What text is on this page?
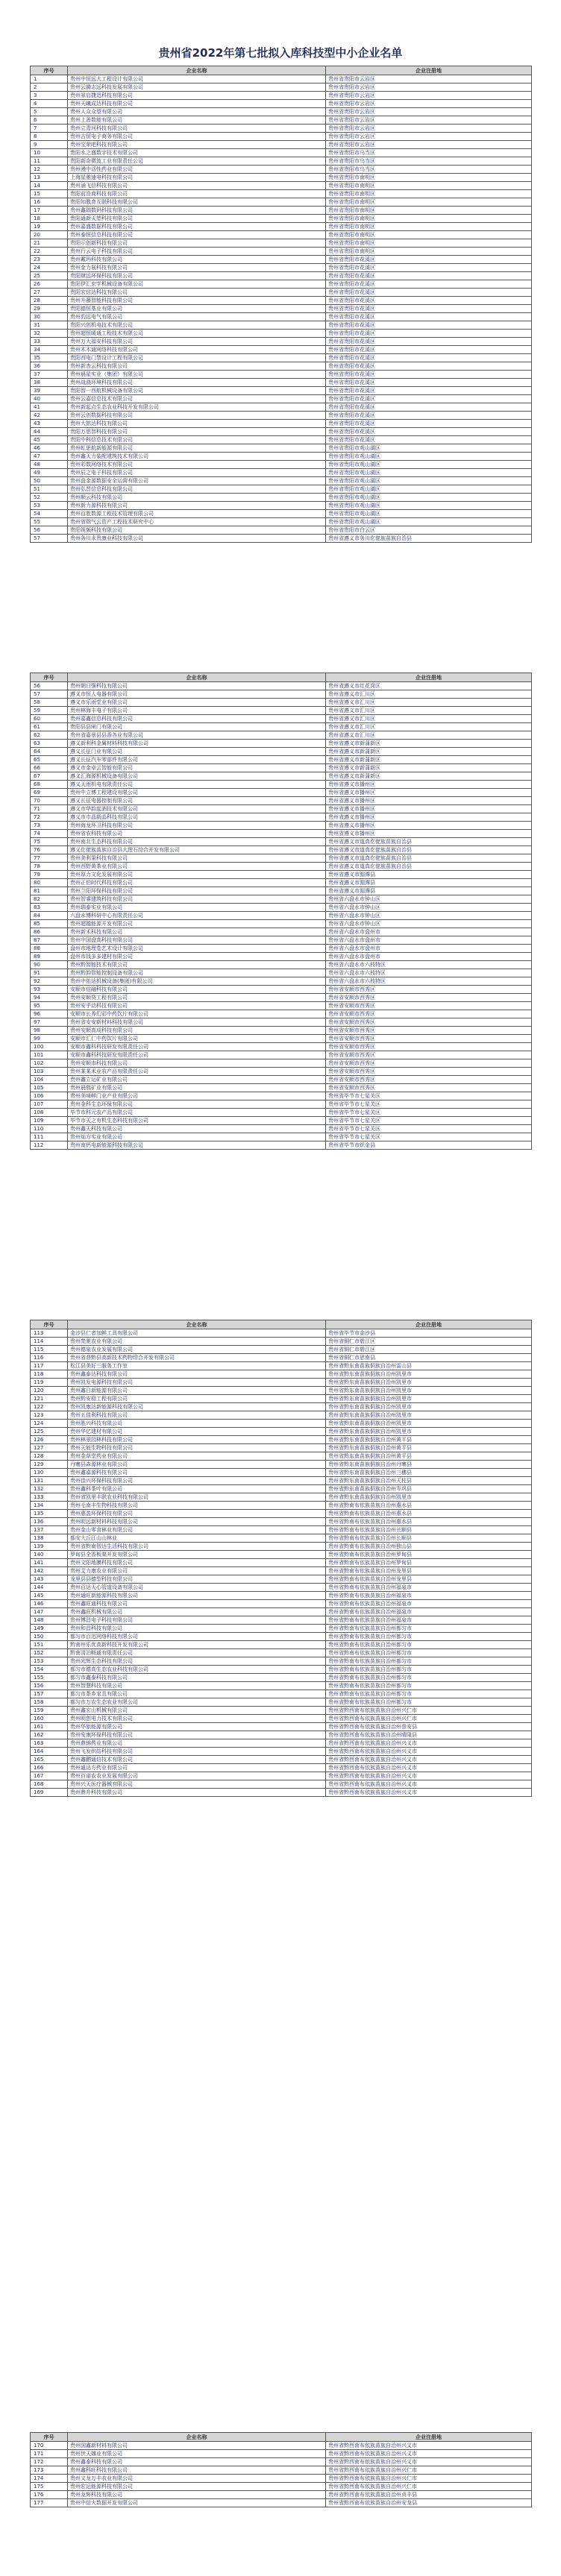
贵州省2022年第七批拟入库科技型中小企业名单
序号	企业名称	企业注册地
1	贵州中恒远大工程设计有限公司	贵州省贵阳市云岩区
2	贵州云腾志远科技发展有限公司	贵州省贵阳市云岩区
3	贵州景启捷迅科技有限公司	贵州省贵阳市云岩区
4	贵州天曦成达科技有限公司	贵州省贵阳市云岩区
5	贵州人众众望有限公司	贵州省贵阳市云岩区
6	贵州上善数能有限公司	贵州省贵阳市云岩区
7	贵州立青河科技有限公司	贵州省贵阳市云岩区
8	贵州吉恒电子商务有限公司	贵州省贵阳市云岩区
9	贵州宝荣吧科技有限公司	贵州省贵阳市云岩区
10	贵阳水之盛数字技术有限公司	贵州省贵阳市乌当区
11	贵阳新奇微波工业有限责任公司	贵州省贵阳市乌当区
12	贵州漫中活性药业有限公司	贵州省贵阳市乌当区
13	上海星驰速电科技有限公司	贵州省贵阳市南明区
14	贵州涌飞信科技有限公司	贵州省贵阳市南明区
15	贵阳前浩商科技有限公司	贵州省贵阳市南明区
16	贵阳知教育互联科技有限公司	贵州省贵阳市南明区
17	贵州鑫瑞数码科技有限公司	贵州省贵阳市南明区
18	贵阳通新天塑科技有限公司	贵州省贵阳市南明区
19	贵州嘉盛数据科技有限公司	贵州省贵阳市南明区
20	贵州泰恒信息科技有限公司	贵州省贵阳市南明区
21	贵阳示创新科技有限公司	贵州省贵阳市南明区
22	贵州行云电子科技有限公司	贵州省贵阳市南明区
23	贵州戴玛科技有限公司	贵州省贵阳市花溪区
24	贵州金力展科技有限公司	贵州省贵阳市花溪区
25	贵阳肆远环保科技有限公司	贵州省贵阳市花溪区
26	贵阳伊汇宏学机械设备有限公司	贵州省贵阳市花溪区
27	贵阳宏信达科技有限公司	贵州省贵阳市花溪区
28	贵州升藤智能科技有限公司	贵州省贵阳市花溪区
29	贵阳德恒基业有限公司	贵州省贵阳市花溪区
30	贵州豹远电气有限公司	贵州省贵阳市花溪区
31	贵阳兴创机电技术有限公司	贵州省贵阳市花溪区
32	贵州超恒暖通工程技术有限公司	贵州省贵阳市花溪区
33	贵州万大福安科技有限公司	贵州省贵阳市花溪区
34	贵州木木通网络科技有限公司	贵州省贵阳市花溪区
35	贵阳西电门禁设计工程有限公司	贵州省贵阳市花溪区
36	贵州新杏云科技有限公司	贵州省贵阳市花溪区
37	贵州晨星实业（集团）有限公司	贵州省贵阳市花溪区
38	贵州战骁环境科技有限公司	贵州省贵阳市花溪区
39	贵阳智一西航机械设备有限公司	贵州省贵阳市花溪区
40	贵州云嘉信息技术有限公司	贵州省贵阳市花溪区
41	贵州新起点生态农业科技开发有限公司	贵州省贵阳市花溪区
42	贵州云创数据科技有限公司	贵州省贵阳市花溪区
43	贵州大铭达科技有限公司	贵州省贵阳市花溪区
44	贵阳万思智科技有限公司	贵州省贵阳市花溪区
45	贵阳中科信息技术有限公司	贵州省贵阳市花溪区
46	贵州虹思航新能源有限公司	贵州省贵阳市观山湖区
47	贵州鑫天力装配建筑技术有限公司	贵州省贵阳市观山湖区
48	贵州彩数网络技术有限公司	贵州省贵阳市观山湖区
49	贵州辰之电子科技有限公司	贵州省贵阳市观山湖区
50	贵州盘金源数据安全运营有限公司	贵州省贵阳市观山湖区
51	贵州弘晋信息科技有限公司	贵州省贵阳市观山湖区
52	贵州顺云科技有限公司	贵州省贵阳市观山湖区
53	贵州新力源科技有限公司	贵州省贵阳市观山湖区
54	贵州百胜数源工程技术管理有限公司	贵州省贵阳市观山湖区
55	贵州省瑞气云资产工程技术研究中心	贵州省贵阳市观山湖区
56	贵阳视频科技有限公司	贵州省贵阳市白云区
57	贵州务川永贵康业科技有限公司	贵州省遵义市务川仡佬族苗族自治县
序号	企业名称	企业注册地
56	贵州朝日强科技有限公司	贵州省遵义市红花岗区
57	遵义市恒人电器有限公司	贵州省遵义市汇川区
58	遵义市乐雨堂业有限公司	贵州省遵义市汇川区
59	贵州林海丰电子有限公司	贵州省遵义市汇川区
60	贵州嘉鑫信息科技有限公司	贵州省遵义市汇川区
61	贵阳县县闸门有限公司	贵州省遵义市汇川区
62	贵州省嘉景县县香各业有限公司	贵州省遵义市汇川区
63	遵义新利科金属材料科技有限公司	贵州省遵义市新蒲新区
64	遵义长征门业有限公司	贵州省遵义市新蒲新区
65	遵义长征汽车零部件有限公司	贵州省遵义市新蒲新区
66	遵义市金卓云智能有限公司	贵州省遵义市新蒲新区
67	遵义汇海源机械设备有限公司	贵州省遵义市新蒲新区
68	遵义天雨机电有限责任公司	贵州省遵义市播州区
69	贵州中立博工程建设有限公司	贵州省遵义市播州区
70	遵义长征电器控制有限公司	贵州省遵义市播州区
71	遵义市华韵起酒技术有限公司	贵州省遵义市播州区
72	遵义市巾晶新晶科技有限公司	贵州省遵义市播州区
73	贵州海龙环卫科技有限公司	贵州省遵义市播州区
74	贵州省农科技有限公司	贵州省遵义市播州区
75	贵州南北生态科技有限公司	贵州省遵义市道真仡佬族苗族自治县
76	遵义仡佬族苗族自治县大理石综合开发有限公司	贵州省遵义市道真仡佬族苗族自治县
77	贵州美利果科技有限公司	贵州省遵义市道真仡佬族苗族自治县
78	贵州西野黄茶业有限公司	贵州省遵义市道真仡佬族苗族自治县
79	贵州厚力文化发展有限公司	贵州省遵义市湄潭县
80	贵州正伯时代科技有限公司	贵州省遵义市湄潭县
81	贵州兰阳环保科技有限公司	贵州省遵义市湄潭县
82	贵州智睿建筑科技有限公司	贵州省六盘水市钟山区
83	贵州瑞泰实业有限公司	贵州省六盘水市钟山区
84	六盘水博科研中心有限责任公司	贵州省六盘水市钟山区
85	贵州超越能源开发有限公司	贵州省六盘水市钟山区
86	贵州新禾科技有限公司	贵州省六盘水市盘州市
87	贵州中国盘高科技有限公司	贵州省六盘水市盘州市
88	盘州市地理卷艺术设计有限公司	贵州省六盘水市盘州市
89	盘州市钱多多建材有限公司	贵州省六盘水市盘州市
90	贵州黔智能技术有限公司	贵州省六盘水市六枝特区
91	贵州黔韵智能控制设备有限公司	贵州省六盘水市六枝特区
92	贵州中佑达机械设备(集团)有限公司	贵州省六盘水市六枝特区
93	安顺市信融科技有限公司	贵州省安顺市西秀区
94	贵州安顺贷工程有限公司	贵州省安顺市西秀区
95	贵州安乎动科技有限公司	贵州省安顺市西秀区
96	安顺市长养幻彩中药饮片有限公司	贵州省安顺市西秀区
97	贵州省安安新材料科技有限公司	贵州省安顺市西秀区
98	贵州安顺高成科技有限公司	贵州省安顺市西秀区
99	安顺市汇仁中药饮片有限公司	贵州省安顺市西秀区
100	安顺市鑫科科技研发有限责任公司	贵州省安顺市西秀区
101	安顺市鑫科科技研发有限责任公司	贵州省安顺市西秀区
102	贵州安顺市科技有限公司	贵州省安顺市西秀区
103	贵州某某米业农产品有限责任公司	贵州省安顺市西秀区
104	贵州鑫立运矿业有限公司	贵州省安顺市西秀区
105	贵州晨熙矿业有限公司	贵州省安顺市西秀区
106	贵州美味鲜门业产业有限公司	贵州省毕节市七星关区
107	贵州金科生态环保有限公司	贵州省毕节市七星关区
108	毕节市科元农产品有限公司	贵州省毕节市七星关区
109	毕节市天之有机生态科技有限公司	贵州省毕节市七星关区
110	贵州鑫天科技有限公司	贵州省毕节市七星关区
111	贵州灿方实业有限公司	贵州省毕节市七星关区
112	贵州南钙电新能源科技有限公司	贵州省毕节市织金县
序号	企业名称	企业注册地
113	金沙县仁者加鲜工具有限公司	贵州省毕节市金沙县
114	贵州梵驰农业有限公司	贵州省铜仁市碧江区
115	贵州德泉农业发展有限公司	贵州省铜仁市碧江区
116	贵州省普黔县高新技术药物综合开发有限公司	贵州省铜仁市思南县
117	松江县美好三服务工作室	贵州省黔东南苗族侗族自治州雷山县
118	贵州鑫泰达科技有限公司	贵州省黔东南苗族侗族自治州凯里市
119	贵州凯发电源科技有限公司	贵州省黔东南苗族侗族自治州凯里市
120	贵州鑫日新能源有限公司	贵州省黔东南苗族侗族自治州凯里市
121	贵州黔安稳工程有限公司	贵州省黔东南苗族侗族自治州凯里市
122	贵州凯康达新能源科技有限公司	贵州省黔东南苗族侗族自治州凯里市
123	贵州五佳利科技有限公司	贵州省黔东南苗族侗族自治州凯里市
124	贵州胜兴科技有限公司	贵州省黔东南苗族侗族自治州凯里市
125	贵州华亿建材有限公司	贵州省黔东南苗族侗族自治州凯里市
126	贵州林景园林科技有限公司	贵州省黔东南苗族侗族自治州黄平县
127	贵州天能生物科技有限公司	贵州省黔东南苗族侗族自治州黄平县
128	贵州金草堂药业有限公司	贵州省黔东南苗族侗族自治州黄平县
129	丹寨县森源林业有限公司	贵州省黔东南苗族侗族自治州丹寨县
130	贵州鑫嘉源科技有限公司	贵州省黔东南苗族侗族自治州三穗县
131	贵州佳兴环保科技有限公司	贵州省黔东南苗族侗族自治州天柱县
132	贵州鑫科茶叶有限公司	贵州省黔东南苗族侗族自治州岑巩县
133	贵州省凯里丰联农业科技有限公司	贵州省黔东南苗族侗族自治州凯里市
134	贵州毛南丰生物科技有限公司	贵州省黔南布依族苗族自治州惠水县
135	贵州惠盈环保科技有限公司	贵州省黔南布依族苗族自治州惠水县
136	贵州明远新材料科技有限公司	贵州省黔南布依族苗族自治州惠水县
137	贵州金山零食林业有限公司	贵州省黔南布依族苗族自治州长顺县
138	都安大丘江山山林业	贵州省黔南布依族苗族自治州长顺县
139	贵州省黔南智达生活科技有限公司	贵州省黔南布依族苗族自治州独山县
140	罗甸县全香板栗开发有限公司	贵州省黔南布依族苗族自治州罗甸县
141	贵州文阳地膜科技有限公司	贵州省黔南布依族苗族自治州罗甸县
142	贵州艾力康农业有限公司	贵州省黔南布依族苗族自治州龙里县
143	龙里县县德型科技有限公司	贵州省黔南布依族苗族自治州龙里县
144	贵州百达天心管道设备有限公司	贵州省黔南布依族苗族自治州福泉市
145	贵州通旺新能源科技有限公司	贵州省黔南布依族苗族自治州福泉市
146	贵州鑫旺通科技有限公司	贵州省黔南布依族苗族自治州福泉市
147	贵州鑫旺机械有限公司	贵州省黔南布依族苗族自治州福泉市
148	贵州博昌电子科技有限公司	贵州省黔南布依族苗族自治州福泉市
149	贵州和昌科技有限公司	贵州省黔南布依族苗族自治州都匀市
150	都匀市百迅网络科技有限公司	贵州省黔南布依族苗族自治州都匀市
151	黔南州乐优高新科技开发有限公司	贵州省黔南布依族苗族自治州都匀市
152	黔南清泊畅通有限责任公司	贵州省黔南布依族苗族自治州都匀市
153	贵州光辉生态科技有限公司	贵州省黔南布依族苗族自治州都匀市
154	都匀市德高生态农业科技有限公司	贵州省黔南布依族苗族自治州都匀市
155	都匀市鑫泰科技有限公司	贵州省黔南布依族苗族自治州都匀市
156	贵州智慧科技有限公司	贵州省黔南布依族苗族自治州都匀市
157	都匀市茶乡家具有限公司	贵州省黔南布依族苗族自治州都匀市
158	都匀市万农生态农业有限公司	贵州省黔南布依族苗族自治州都匀市
159	贵州鑫宏山机械有限公司	贵州省黔西南布依族苗族自治州兴仁市
160	贵州明创电力技术有限公司	贵州省黔西南布依族苗族自治州兴仁市
161	贵州华旅能源有限公司	贵州省黔西南布依族苗族自治州普安县
162	贵州安康环保科技有限公司	贵州省黔西南布依族苗族自治州晴隆县
163	贵州鼎锦药业有限公司	贵州省黔西南布依族苗族自治州兴义市
164	贵州飞发织纺科技有限公司	贵州省黔西南布依族苗族自治州兴义市
165	贵州鑫鹏通信技术有限公司	贵州省黔西南布依族苗族自治州兴义市
166	贵州通达方药业有限公司	贵州省黔西南布依族苗族自治州兴义市
167	贵州百诺农农业发展有限公司	贵州省黔西南布依族苗族自治州兴义市
168	贵州兴天医疗器械有限公司	贵州省黔西南布依族苗族自治州兴义市
169	贵州鼎升科技有限公司	贵州省黔西南布依族苗族自治州兴义市
序号	企业名称	企业注册地
170	贵州国鑫新材料有限公司	贵州省黔西南布依族苗族自治州兴义市
171	贵州世天娜业有限公司	贵州省黔西南布依族苗族自治州兴义市
172	贵州鑫泰科技有限公司	贵州省黔西南布依族苗族自治州兴义市
173	贵州鑫科旺科技有限公司	贵州省黔西南布依族苗族自治州兴仁市
174	贵州义龙万丰农业有限公司	贵州省黔西南布依族苗族自治州兴仁市
175	贵州宏运能源科技有限公司	贵州省黔西南布依族苗族自治州兴仁市
176	贵州龙辉科技有限公司	贵州省黔西南布依族苗族自治州贞丰县
177	贵州中信大数据开发有限公司	贵州省黔西南布依族苗族自治州安龙县
